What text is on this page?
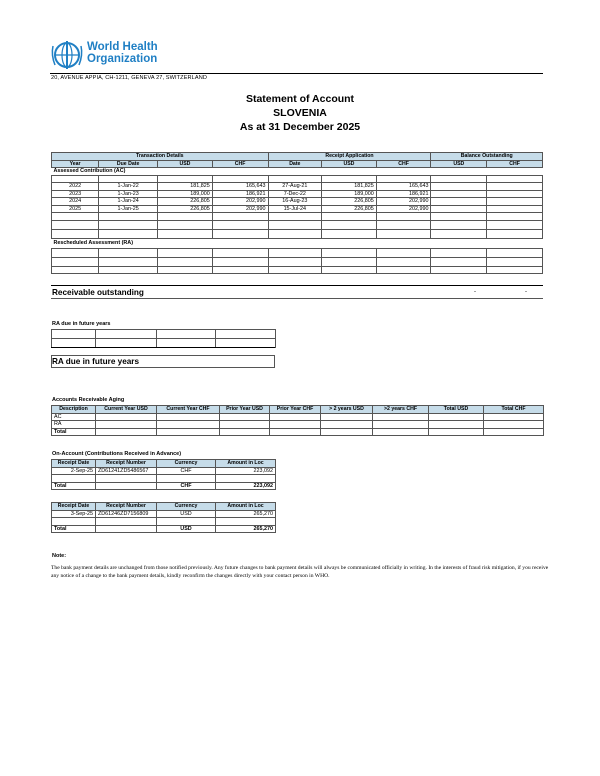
World Health
Organization
20, AVENUE APPIA, CH-1211, GENEVA 27, SWITZERLAND
Statement of Account
SLOVENIA
As at 31 December 2025
Transaction Details				Receipt Application			Balance Outstanding	
Year	Due Date	USD	CHF	Date	USD	CHF	USD	CHF
Assessed Contribution (AC)								

2022	1-Jan-22	181,825	165,643	27-Aug-21	181,825	165,643		
2023	1-Jan-23	189,000	186,921	7-Dec-22	189,000	186,921		
2024	1-Jan-24	226,805	202,990	16-Aug-23	226,805	202,990		
2025	1-Jan-25	226,805	202,990	15-Jul-24	226,805	202,990		

Rescheduled Assessment (RA)								

Receivable outstanding	-	-
RA due in future years

RA due in future years
Accounts Receivable Aging
Description	Current Year USD	Current Year CHF	Prior Year USD	Prior Year CHF	> 2 years USD	>2 years CHF	Total USD	Total CHF
AC								
RA								
Total								
On-Account (Contributions Received in Advance)
Receipt Date	Receipt Number	Currency	Amount in Loc
2-Sep-25	ZD61241ZD5486567	CHF	223,092

Total		CHF	223,092
Receipt Date	Receipt Number	Currency	Amount in Loc
3-Sep-25	ZD61246ZD7156809	USD	265,270

Total		USD	265,270
Note:
The bank payment details are unchanged from those notified previously. Any future changes to bank payment details will always be communicated officially in writing. In the interests of fraud risk mitigation, if you receive any notice of a change to the bank payment details, kindly reconfirm the changes directly with your contact person in WHO.
